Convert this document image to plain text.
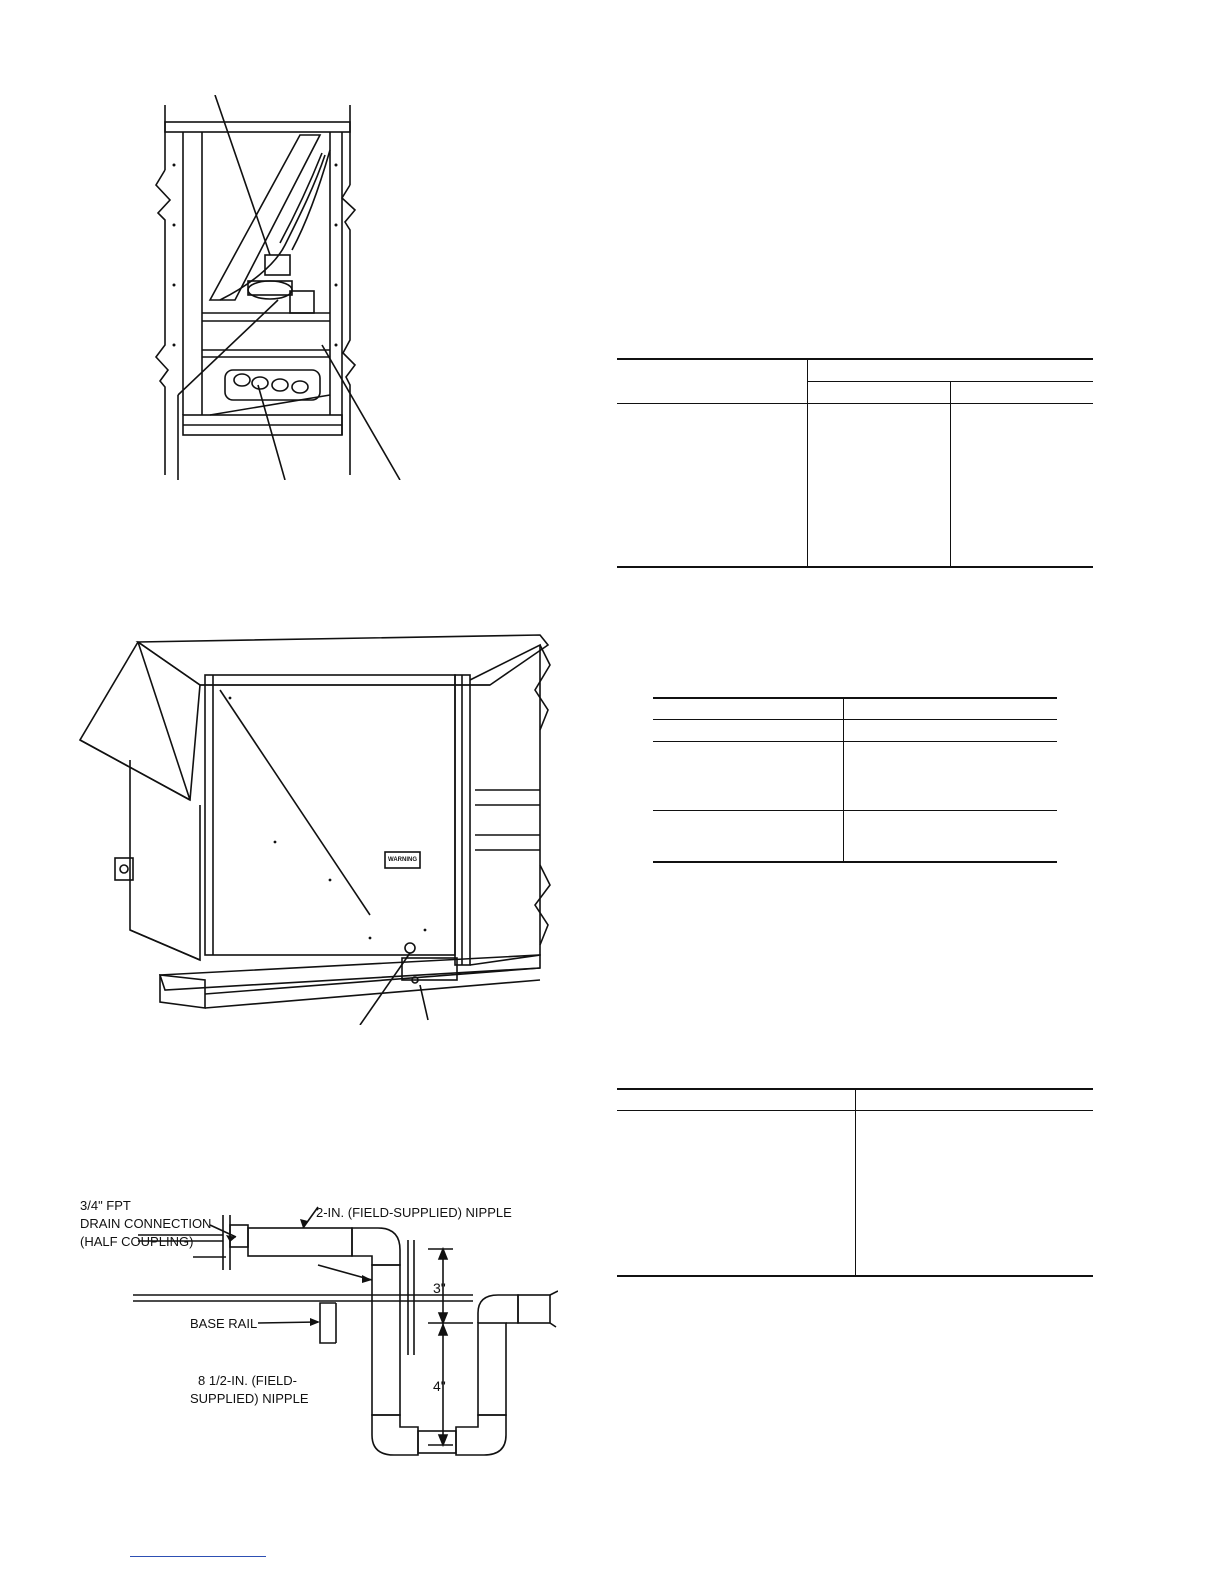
WARNING
3/4" FPT
DRAIN CONNECTION
(HALF COUPLING)
2-IN. (FIELD-SUPPLIED) NIPPLE
BASE RAIL
8 1/2-IN. (FIELD-
SUPPLIED) NIPPLE
3"
4"
